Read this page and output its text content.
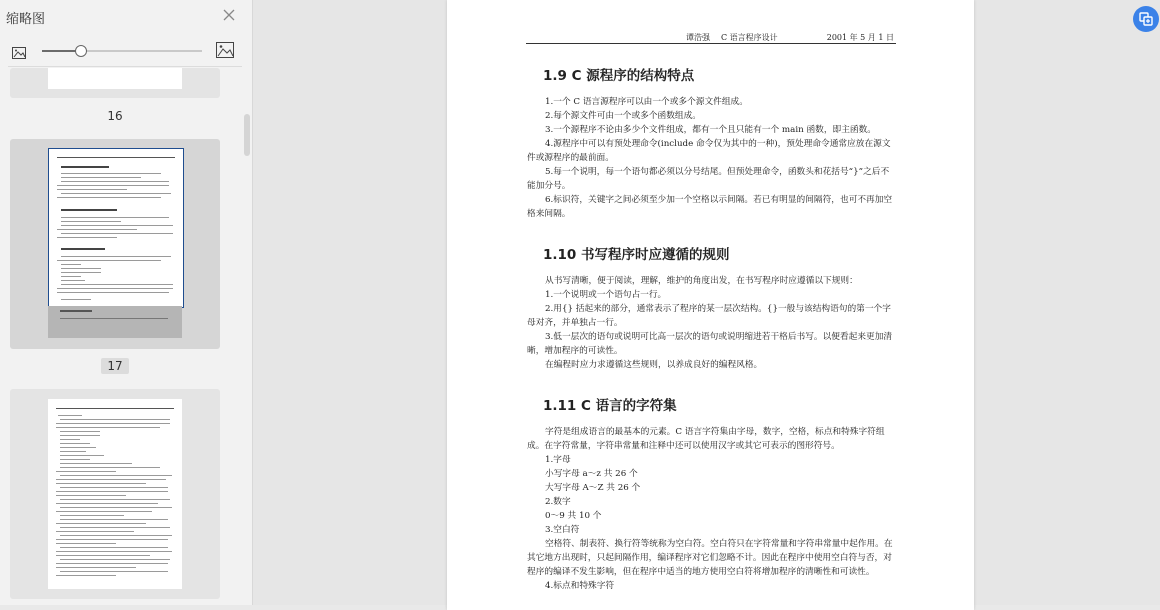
缩略图
16
17
谭浩强 C 语言程序设计	2001 年 5 月 1 日
1.9 C 源程序的结构特点

1.一个 C 语言源程序可以由一个或多个源文件组成。

2.每个源文件可由一个或多个函数组成。

3.一个源程序不论由多少个文件组成，都有一个且只能有一个 main 函数，即主函数。

4.源程序中可以有预处理命令(include 命令仅为其中的一种)，预处理命令通常应放在源文件或源程序的最前面。

5.每一个说明，每一个语句都必须以分号结尾。但预处理命令，函数头和花括号“}”之后不能加分号。

6.标识符，关键字之间必须至少加一个空格以示间隔。若已有明显的间隔符，也可不再加空格来间隔。

1.10 书写程序时应遵循的规则

从书写清晰，便于阅读，理解，维护的角度出发，在书写程序时应遵循以下规则：

1.一个说明或一个语句占一行。

2.用{} 括起来的部分，通常表示了程序的某一层次结构。{}一般与该结构语句的第一个字母对齐，并单独占一行。

3.低一层次的语句或说明可比高一层次的语句或说明缩进若干格后书写。以便看起来更加清晰，增加程序的可读性。

在编程时应力求遵循这些规则，以养成良好的编程风格。

1.11 C 语言的字符集

字符是组成语言的最基本的元素。C 语言字符集由字母，数字，空格，标点和特殊字符组成。在字符常量，字符串常量和注释中还可以使用汉字或其它可表示的图形符号。

1.字母

小写字母 a～z 共 26 个

大写字母 A～Z 共 26 个

2.数字

0～9 共 10 个

3.空白符

空格符、制表符、换行符等统称为空白符。空白符只在字符常量和字符串常量中起作用。在其它地方出现时，只起间隔作用，编译程序对它们忽略不计。因此在程序中使用空白符与否，对程序的编译不发生影响，但在程序中适当的地方使用空白符将增加程序的清晰性和可读性。

4.标点和特殊字符
